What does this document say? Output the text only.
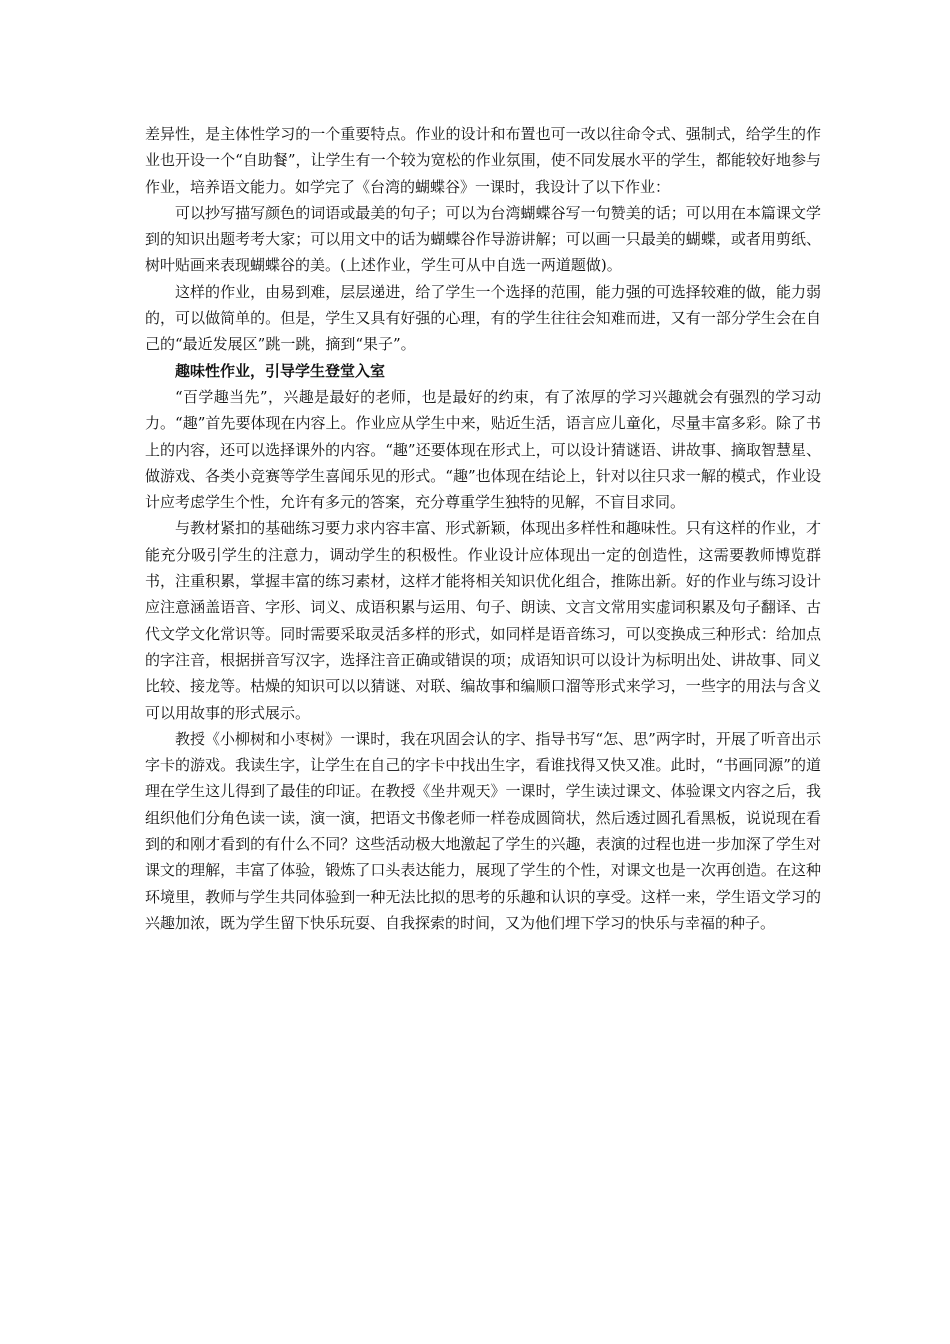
差异性，是主体性学习的一个重要特点。作业的设计和布置也可一改以往命令式、强制式，给学生的作业也开设一个“自助餐”，让学生有一个较为宽松的作业氛围，使不同发展水平的学生，都能较好地参与作业，培养语文能力。如学完了《台湾的蝴蝶谷》一课时，我设计了以下作业：

可以抄写描写颜色的词语或最美的句子；可以为台湾蝴蝶谷写一句赞美的话；可以用在本篇课文学到的知识出题考考大家；可以用文中的话为蝴蝶谷作导游讲解；可以画一只最美的蝴蝶，或者用剪纸、树叶贴画来表现蝴蝶谷的美。(上述作业，学生可从中自选一两道题做)。

这样的作业，由易到难，层层递进，给了学生一个选择的范围，能力强的可选择较难的做，能力弱的，可以做简单的。但是，学生又具有好强的心理，有的学生往往会知难而进，又有一部分学生会在自己的“最近发展区”跳一跳，摘到“果子”。

趣味性作业，引导学生登堂入室

“百学趣当先”，兴趣是最好的老师，也是最好的约束，有了浓厚的学习兴趣就会有强烈的学习动力。“趣”首先要体现在内容上。作业应从学生中来，贴近生活，语言应儿童化，尽量丰富多彩。除了书上的内容，还可以选择课外的内容。“趣”还要体现在形式上，可以设计猜谜语、讲故事、摘取智慧星、做游戏、各类小竞赛等学生喜闻乐见的形式。“趣”也体现在结论上，针对以往只求一解的模式，作业设计应考虑学生个性，允许有多元的答案，充分尊重学生独特的见解，不盲目求同。

与教材紧扣的基础练习要力求内容丰富、形式新颖，体现出多样性和趣味性。只有这样的作业，才能充分吸引学生的注意力，调动学生的积极性。作业设计应体现出一定的创造性，这需要教师博览群书，注重积累，掌握丰富的练习素材，这样才能将相关知识优化组合，推陈出新。好的作业与练习设计应注意涵盖语音、字形、词义、成语积累与运用、句子、朗读、文言文常用实虚词积累及句子翻译、古代文学文化常识等。同时需要采取灵活多样的形式，如同样是语音练习，可以变换成三种形式：给加点的字注音，根据拼音写汉字，选择注音正确或错误的项；成语知识可以设计为标明出处、讲故事、同义比较、接龙等。枯燥的知识可以以猜谜、对联、编故事和编顺口溜等形式来学习，一些字的用法与含义可以用故事的形式展示。

教授《小柳树和小枣树》一课时，我在巩固会认的字、指导书写“怎、思”两字时，开展了听音出示字卡的游戏。我读生字，让学生在自己的字卡中找出生字，看谁找得又快又准。此时，“书画同源”的道理在学生这儿得到了最佳的印证。在教授《坐井观天》一课时，学生读过课文、体验课文内容之后，我组织他们分角色读一读，演一演，把语文书像老师一样卷成圆筒状，然后透过圆孔看黑板，说说现在看到的和刚才看到的有什么不同？这些活动极大地激起了学生的兴趣，表演的过程也进一步加深了学生对课文的理解，丰富了体验，锻炼了口头表达能力，展现了学生的个性，对课文也是一次再创造。在这种环境里，教师与学生共同体验到一种无法比拟的思考的乐趣和认识的享受。这样一来，学生语文学习的兴趣加浓，既为学生留下快乐玩耍、自我探索的时间，又为他们埋下学习的快乐与幸福的种子。
